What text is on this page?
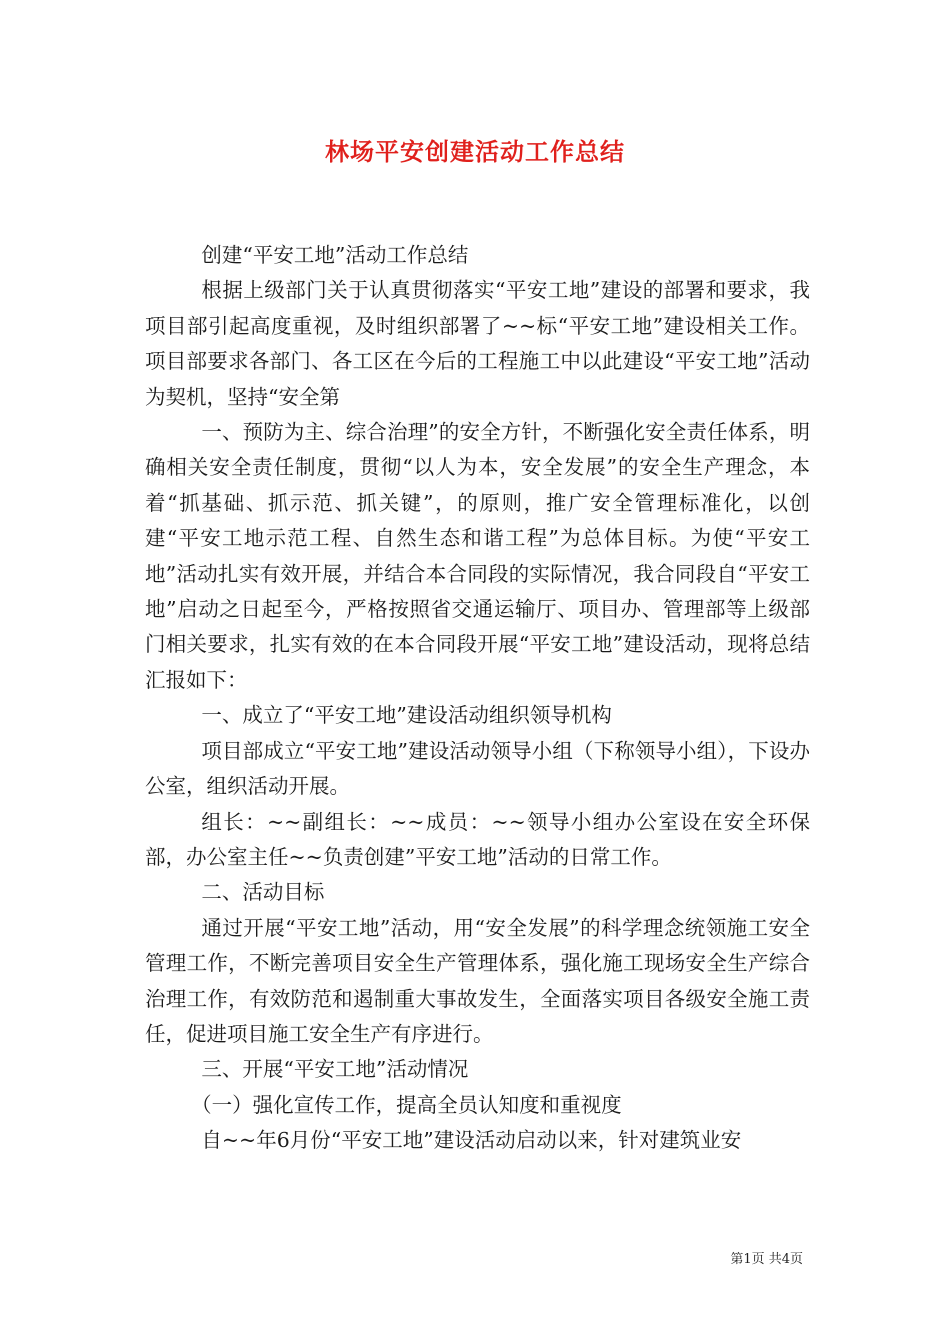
林场平安创建活动工作总结

创建“平安工地”活动工作总结

根据上级部门关于认真贯彻落实“平安工地”建设的部署和要求，我项目部引起高度重视，及时组织部署了~~标“平安工地”建设相关工作。项目部要求各部门、各工区在今后的工程施工中以此建设“平安工地”活动为契机，坚持“安全第

一、预防为主、综合治理”的安全方针，不断强化安全责任体系，明确相关安全责任制度，贯彻“以人为本，安全发展”的安全生产理念，本着“抓基础、抓示范、抓关键”，的原则，推广安全管理标准化，以创建“平安工地示范工程、自然生态和谐工程”为总体目标。为使“平安工地”活动扎实有效开展，并结合本合同段的实际情况，我合同段自“平安工地”启动之日起至今，严格按照省交通运输厅、项目办、管理部等上级部门相关要求，扎实有效的在本合同段开展“平安工地”建设活动，现将总结汇报如下：

一、成立了“平安工地”建设活动组织领导机构

项目部成立“平安工地”建设活动领导小组（下称领导小组），下设办公室，组织活动开展。

组长：~~副组长：~~成员：~~领导小组办公室设在安全环保部，办公室主任~~负责创建”平安工地”活动的日常工作。

二、活动目标

通过开展“平安工地”活动，用“安全发展”的科学理念统领施工安全管理工作，不断完善项目安全生产管理体系，强化施工现场安全生产综合治理工作，有效防范和遏制重大事故发生，全面落实项目各级安全施工责任，促进项目施工安全生产有序进行。

三、开展“平安工地”活动情况

（一）强化宣传工作，提高全员认知度和重视度

自~~年6月份“平安工地”建设活动启动以来，针对建筑业安

第1页 共4页
